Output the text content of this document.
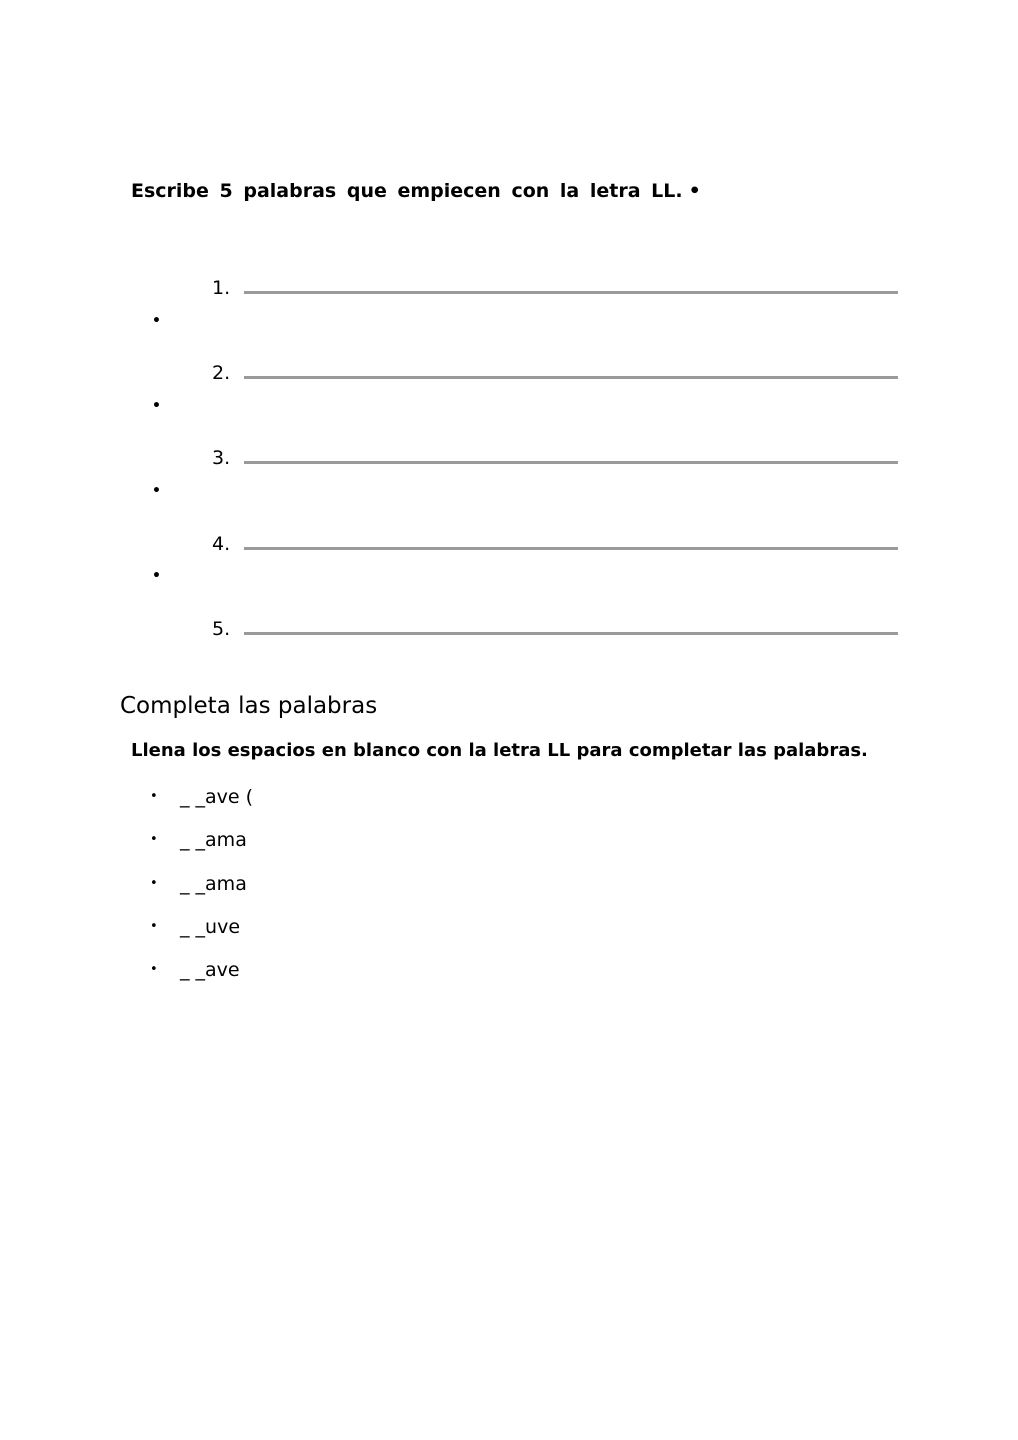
Escribe 5 palabras que empiecen con la letra LL. •
1.
•
2.
•
3.
•
4.
•
5.
Completa las palabras
Llena los espacios en blanco con la letra LL para completar las palabras.
• _ _ave (
• _ _ama
• _ _ama
• _ _uve
• _ _ave
